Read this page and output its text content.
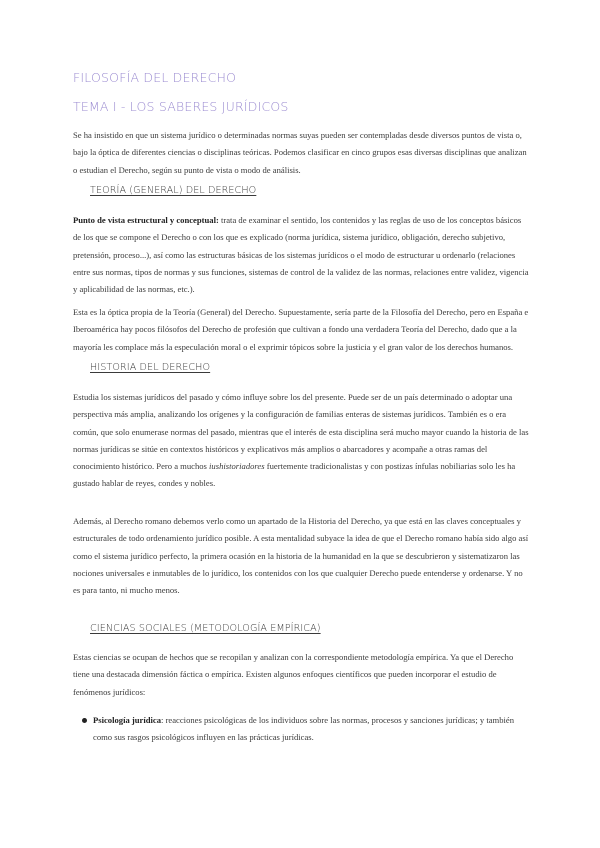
FILOSOFÍA DEL DERECHO
TEMA I - LOS SABERES JURÍDICOS

Se ha insistido en que un sistema jurídico o determinadas normas suyas pueden ser contempladas desde diversos puntos de vista o, bajo la óptica de diferentes ciencias o disciplinas teóricas. Podemos clasificar en cinco grupos esas diversas disciplinas que analizan o estudian el Derecho, según su punto de vista o modo de análisis.

TEORÍA (GENERAL) DEL DERECHO

Punto de vista estructural y conceptual: trata de examinar el sentido, los contenidos y las reglas de uso de los conceptos básicos de los que se compone el Derecho o con los que es explicado (norma jurídica, sistema jurídico, obligación, derecho subjetivo, pretensión, proceso...), así como las estructuras básicas de los sistemas jurídicos o el modo de estructurar u ordenarlo (relaciones entre sus normas, tipos de normas y sus funciones, sistemas de control de la validez de las normas, relaciones entre validez, vigencia y aplicabilidad de las normas, etc.).

Esta es la óptica propia de la Teoría (General) del Derecho. Supuestamente, sería parte de la Filosofía del Derecho, pero en España e Iberoamérica hay pocos filósofos del Derecho de profesión que cultivan a fondo una verdadera Teoría del Derecho, dado que a la mayoría les complace más la especulación moral o el exprimir tópicos sobre la justicia y el gran valor de los derechos humanos.

HISTORIA DEL DERECHO

Estudia los sistemas jurídicos del pasado y cómo influye sobre los del presente. Puede ser de un país determinado o adoptar una perspectiva más amplia, analizando los orígenes y la configuración de familias enteras de sistemas jurídicos. También es o era común, que solo enumerase normas del pasado, mientras que el interés de esta disciplina será mucho mayor cuando la historia de las normas jurídicas se sitúe en contextos históricos y explicativos más amplios o abarcadores y acompañe a otras ramas del conocimiento histórico. Pero a muchos iushistoriadores fuertemente tradicionalistas y con postizas ínfulas nobiliarias solo les ha gustado hablar de reyes, condes y nobles.

Además, al Derecho romano debemos verlo como un apartado de la Historia del Derecho, ya que está en las claves conceptuales y estructurales de todo ordenamiento jurídico posible. A esta mentalidad subyace la idea de que el Derecho romano había sido algo así como el sistema jurídico perfecto, la primera ocasión en la historia de la humanidad en la que se descubrieron y sistematizaron las nociones universales e inmutables de lo jurídico, los contenidos con los que cualquier Derecho puede entenderse y ordenarse. Y no es para tanto, ni mucho menos.

CIENCIAS SOCIALES (METODOLOGÍA EMPÍRICA)

Estas ciencias se ocupan de hechos que se recopilan y analizan con la correspondiente metodología empírica. Ya que el Derecho tiene una destacada dimensión fáctica o empírica. Existen algunos enfoques científicos que pueden incorporar el estudio de fenómenos jurídicos:

Psicología jurídica: reacciones psicológicas de los individuos sobre las normas, procesos y sanciones jurídicas; y también como sus rasgos psicológicos influyen en las prácticas jurídicas.
